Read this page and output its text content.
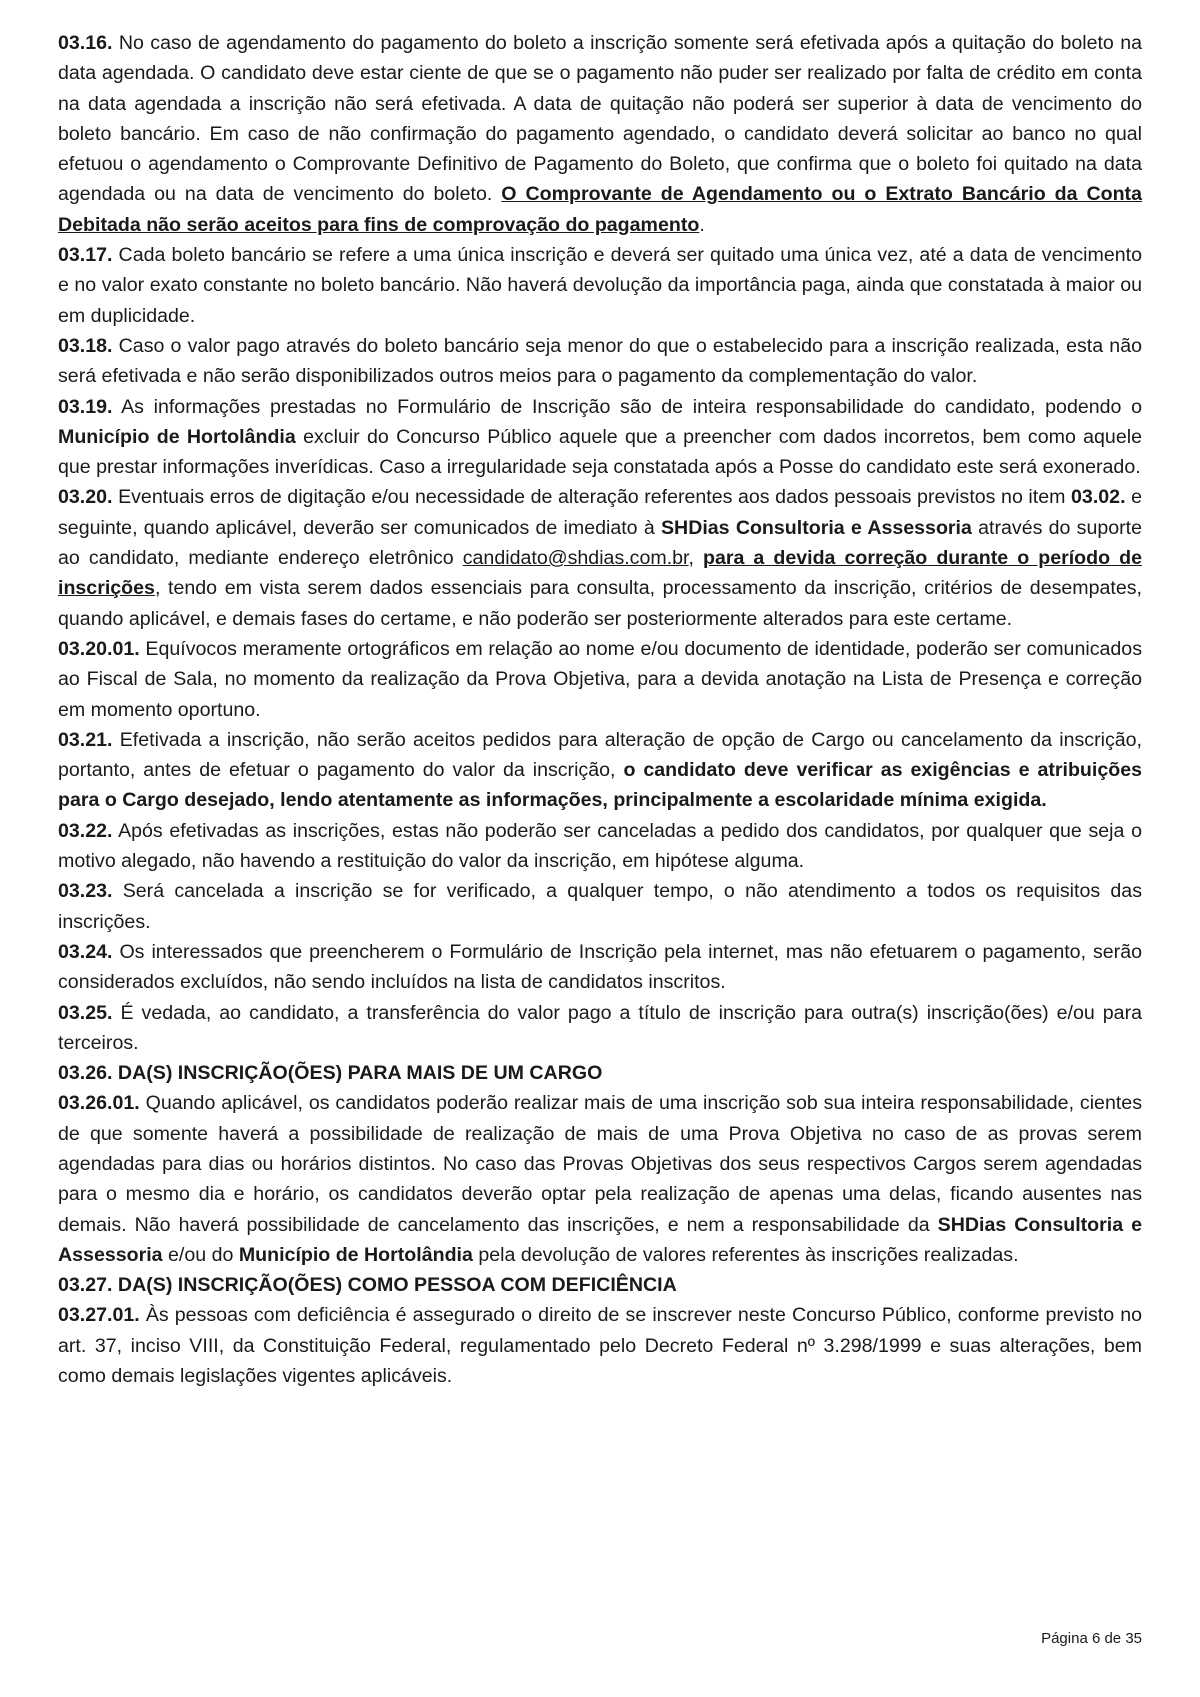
03.16. No caso de agendamento do pagamento do boleto a inscrição somente será efetivada após a quitação do boleto na data agendada. O candidato deve estar ciente de que se o pagamento não puder ser realizado por falta de crédito em conta na data agendada a inscrição não será efetivada. A data de quitação não poderá ser superior à data de vencimento do boleto bancário. Em caso de não confirmação do pagamento agendado, o candidato deverá solicitar ao banco no qual efetuou o agendamento o Comprovante Definitivo de Pagamento do Boleto, que confirma que o boleto foi quitado na data agendada ou na data de vencimento do boleto. O Comprovante de Agendamento ou o Extrato Bancário da Conta Debitada não serão aceitos para fins de comprovação do pagamento.

03.17. Cada boleto bancário se refere a uma única inscrição e deverá ser quitado uma única vez, até a data de vencimento e no valor exato constante no boleto bancário. Não haverá devolução da importância paga, ainda que constatada à maior ou em duplicidade.

03.18. Caso o valor pago através do boleto bancário seja menor do que o estabelecido para a inscrição realizada, esta não será efetivada e não serão disponibilizados outros meios para o pagamento da complementação do valor.

03.19. As informações prestadas no Formulário de Inscrição são de inteira responsabilidade do candidato, podendo o Município de Hortolândia excluir do Concurso Público aquele que a preencher com dados incorretos, bem como aquele que prestar informações inverídicas. Caso a irregularidade seja constatada após a Posse do candidato este será exonerado.

03.20. Eventuais erros de digitação e/ou necessidade de alteração referentes aos dados pessoais previstos no item 03.02. e seguinte, quando aplicável, deverão ser comunicados de imediato à SHDias Consultoria e Assessoria através do suporte ao candidato, mediante endereço eletrônico candidato@shdias.com.br, para a devida correção durante o período de inscrições, tendo em vista serem dados essenciais para consulta, processamento da inscrição, critérios de desempates, quando aplicável, e demais fases do certame, e não poderão ser posteriormente alterados para este certame.

03.20.01. Equívocos meramente ortográficos em relação ao nome e/ou documento de identidade, poderão ser comunicados ao Fiscal de Sala, no momento da realização da Prova Objetiva, para a devida anotação na Lista de Presença e correção em momento oportuno.

03.21. Efetivada a inscrição, não serão aceitos pedidos para alteração de opção de Cargo ou cancelamento da inscrição, portanto, antes de efetuar o pagamento do valor da inscrição, o candidato deve verificar as exigências e atribuições para o Cargo desejado, lendo atentamente as informações, principalmente a escolaridade mínima exigida.

03.22. Após efetivadas as inscrições, estas não poderão ser canceladas a pedido dos candidatos, por qualquer que seja o motivo alegado, não havendo a restituição do valor da inscrição, em hipótese alguma.

03.23. Será cancelada a inscrição se for verificado, a qualquer tempo, o não atendimento a todos os requisitos das inscrições.

03.24. Os interessados que preencherem o Formulário de Inscrição pela internet, mas não efetuarem o pagamento, serão considerados excluídos, não sendo incluídos na lista de candidatos inscritos.

03.25. É vedada, ao candidato, a transferência do valor pago a título de inscrição para outra(s) inscrição(ões) e/ou para terceiros.

03.26. DA(S) INSCRIÇÃO(ÕES) PARA MAIS DE UM CARGO

03.26.01. Quando aplicável, os candidatos poderão realizar mais de uma inscrição sob sua inteira responsabilidade, cientes de que somente haverá a possibilidade de realização de mais de uma Prova Objetiva no caso de as provas serem agendadas para dias ou horários distintos. No caso das Provas Objetivas dos seus respectivos Cargos serem agendadas para o mesmo dia e horário, os candidatos deverão optar pela realização de apenas uma delas, ficando ausentes nas demais. Não haverá possibilidade de cancelamento das inscrições, e nem a responsabilidade da SHDias Consultoria e Assessoria e/ou do Município de Hortolândia pela devolução de valores referentes às inscrições realizadas.

03.27. DA(S) INSCRIÇÃO(ÕES) COMO PESSOA COM DEFICIÊNCIA

03.27.01. Às pessoas com deficiência é assegurado o direito de se inscrever neste Concurso Público, conforme previsto no art. 37, inciso VIII, da Constituição Federal, regulamentado pelo Decreto Federal nº 3.298/1999 e suas alterações, bem como demais legislações vigentes aplicáveis.

Página 6 de 35
